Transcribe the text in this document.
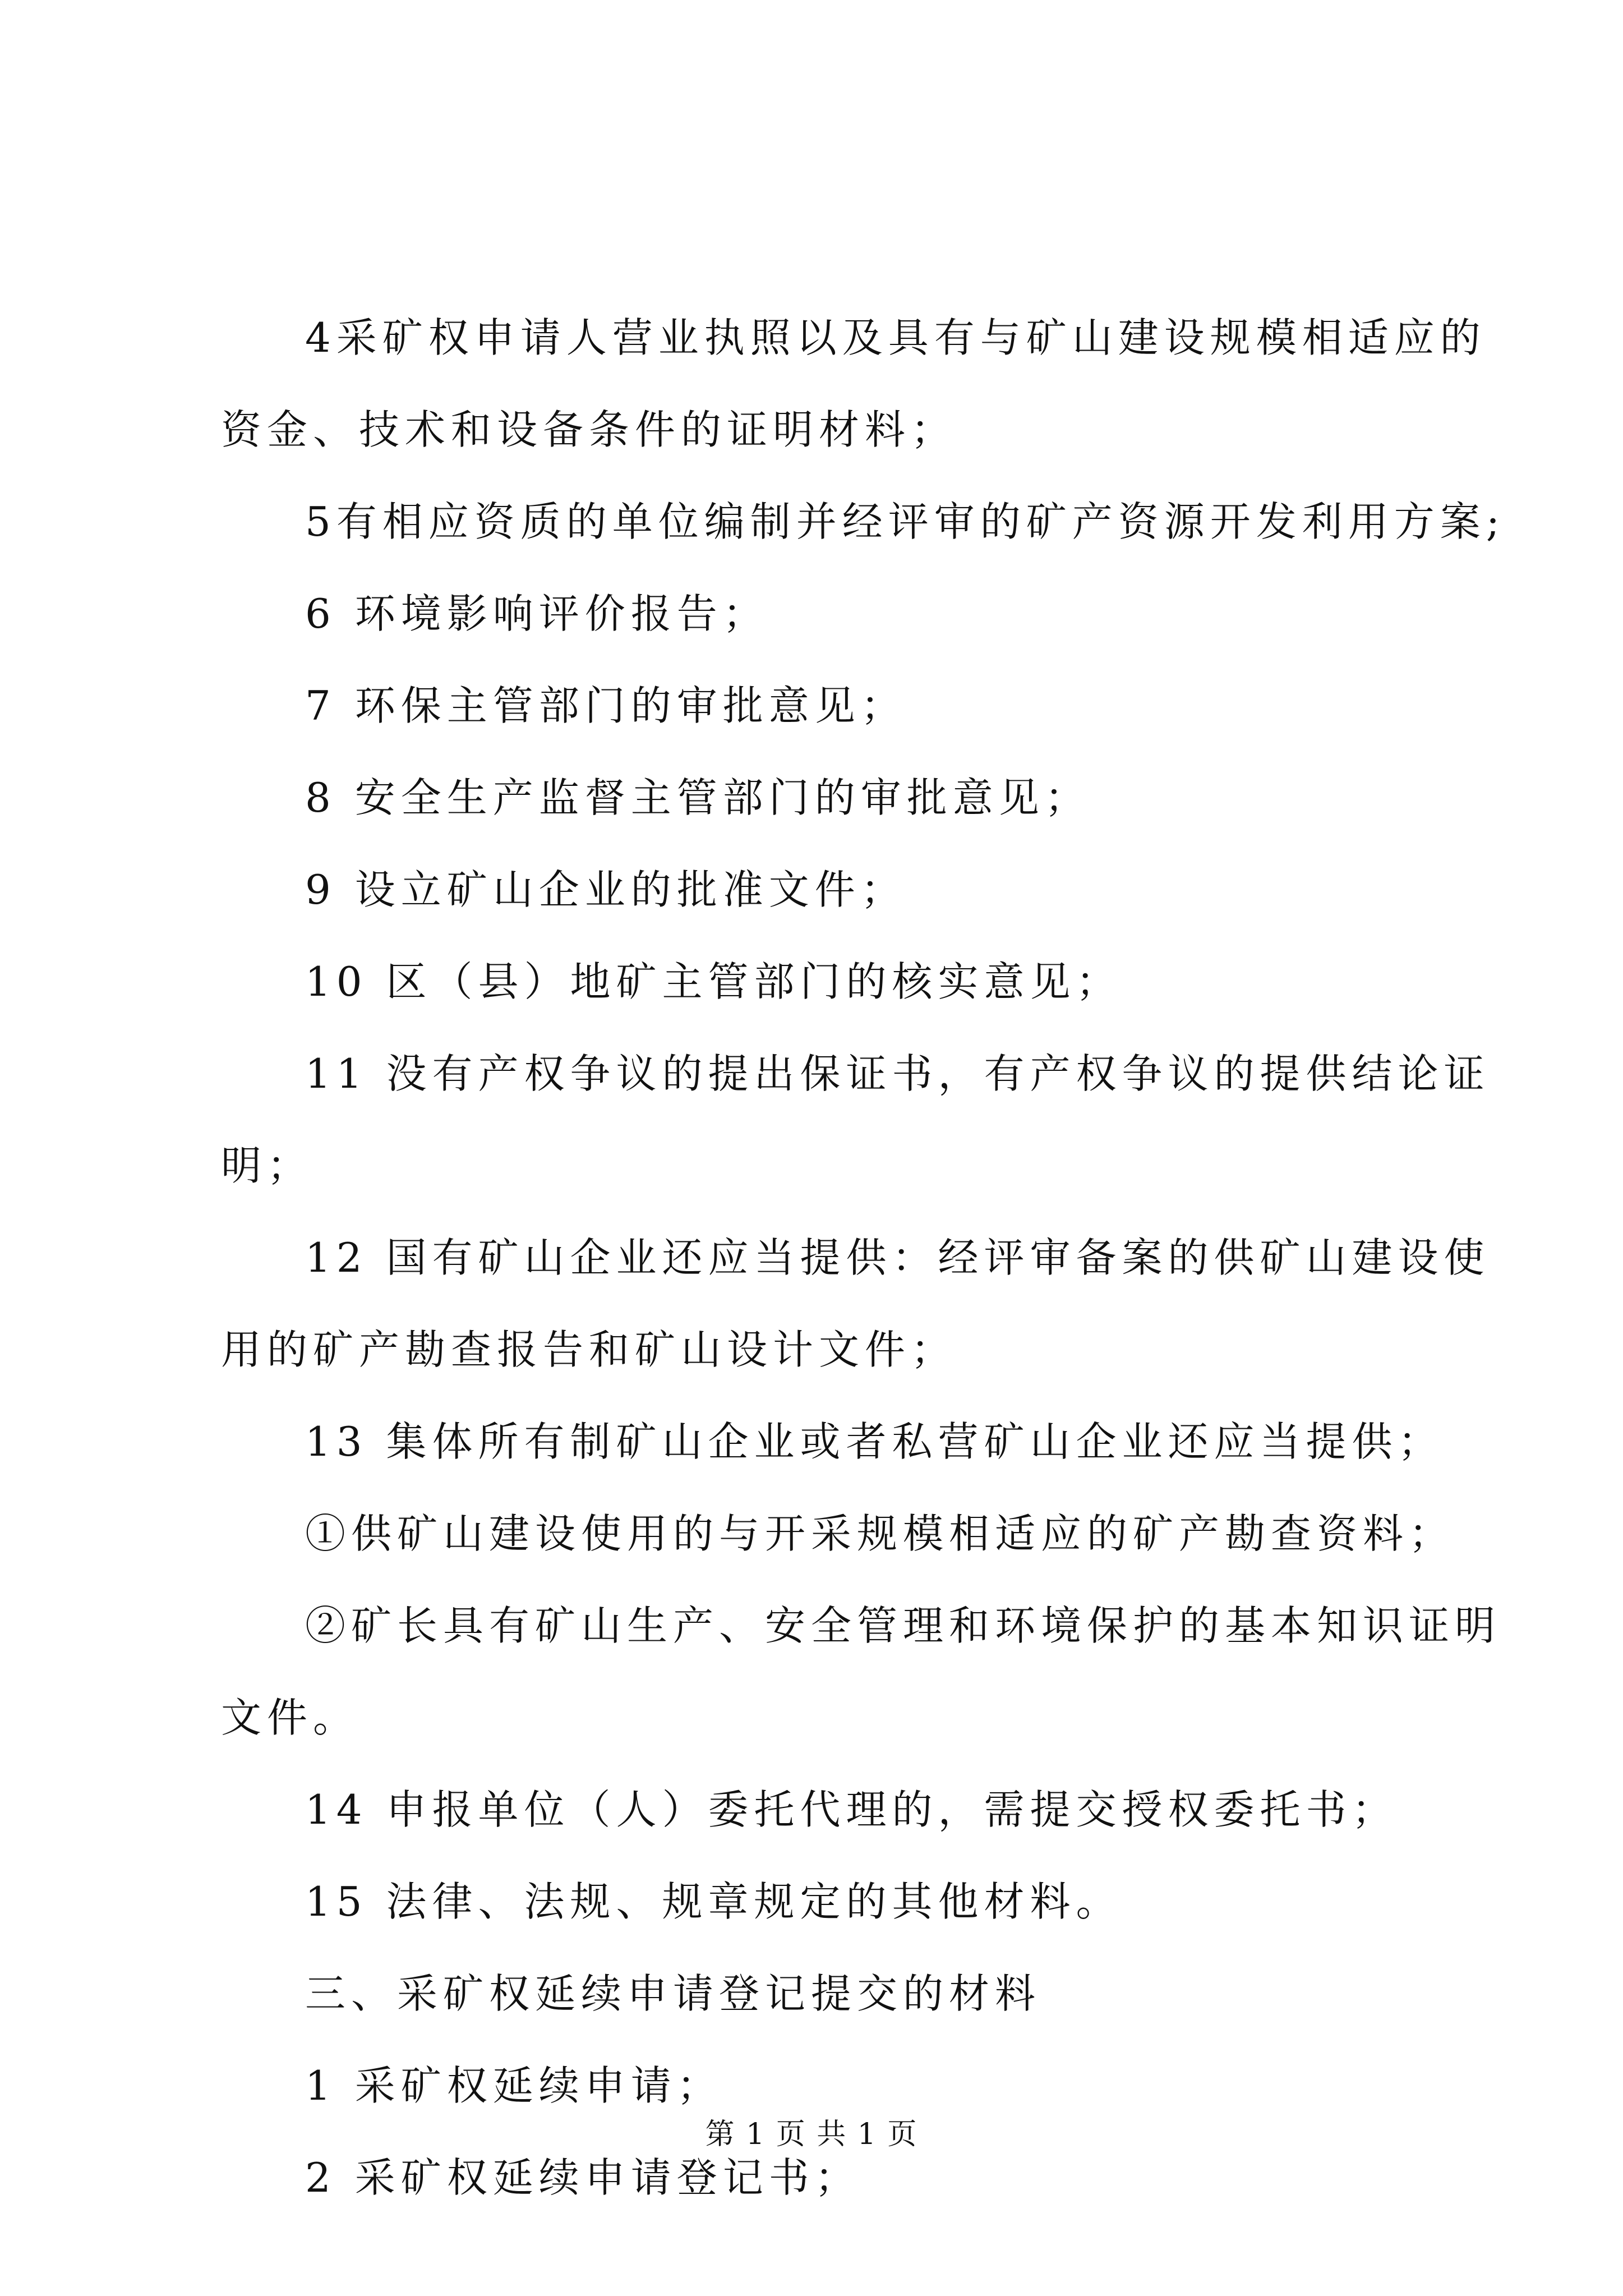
4采矿权申请人营业执照以及具有与矿山建设规模相适应的

资金、技术和设备条件的证明材料；

5有相应资质的单位编制并经评审的矿产资源开发利用方案;

6 环境影响评价报告；

7 环保主管部门的审批意见；

8 安全生产监督主管部门的审批意见；

9 设立矿山企业的批准文件；

10 区（县）地矿主管部门的核实意见；

11 没有产权争议的提出保证书，有产权争议的提供结论证

明；

12 国有矿山企业还应当提供：经评审备案的供矿山建设使

用的矿产勘查报告和矿山设计文件；

13 集体所有制矿山企业或者私营矿山企业还应当提供；

①供矿山建设使用的与开采规模相适应的矿产勘查资料；

②矿长具有矿山生产、安全管理和环境保护的基本知识证明

文件。

14 申报单位（人）委托代理的，需提交授权委托书；

15 法律、法规、规章规定的其他材料。

三、采矿权延续申请登记提交的材料

1 采矿权延续申请；

2 采矿权延续申请登记书；

第 1 页 共 1 页
